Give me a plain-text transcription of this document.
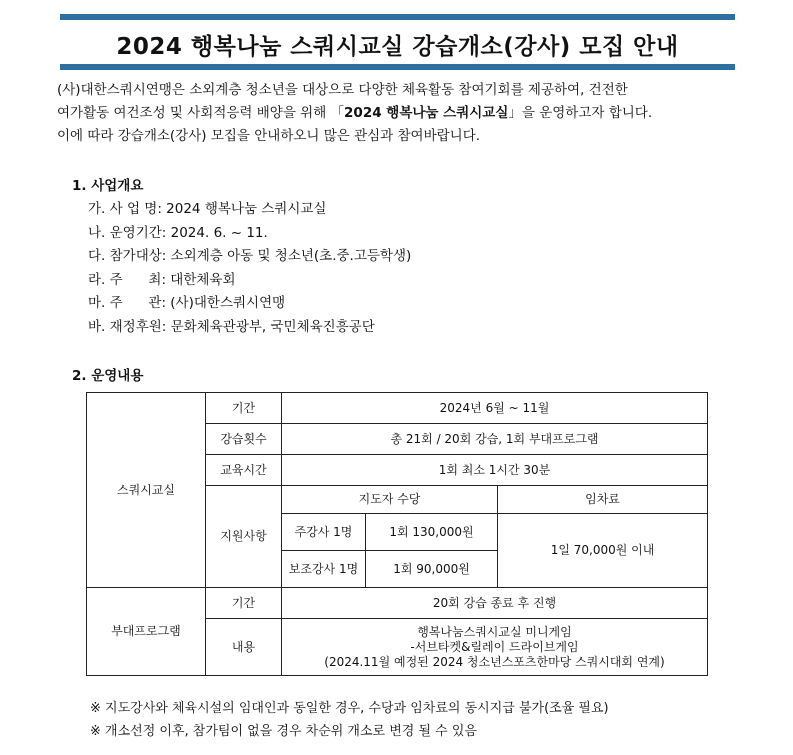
2024 행복나눔 스쿼시교실 강습개소(강사) 모집 안내

(사)대한스쿼시연맹은 소외계층 청소년을 대상으로 다양한 체육활동 참여기회를 제공하여, 건전한

여가활동 여건조성 및 사회적응력 배양을 위해 「2024 행복나눔 스쿼시교실」을 운영하고자 합니다.

이에 따라 강습개소(강사) 모집을 안내하오니 많은 관심과 참여바랍니다.

1. 사업개요
가. 사 업 명: 2024 행복나눔 스쿼시교실
나. 운영기간: 2024. 6. ~ 11.
다. 참가대상: 소외계층 아동 및 청소년(초.중.고등학생)
라. 주      최: 대한체육회
마. 주      관: (사)대한스쿼시연맹
바. 재정후원: 문화체육관광부, 국민체육진흥공단
2. 운영내용
스쿼시교실	기간	2024년 6월 ~ 11월		
	강습횟수	총 21회 / 20회 강습, 1회 부대프로그램		
	교육시간	1회 최소 1시간 30분		
	지원사항	지도자 수당		임차료
		주강사 1명	1회 130,000원	1일 70,000원 이내
		보조강사 1명	1회 90,000원	
부대프로그램	기간	20회 강습 종료 후 진행		
	내용	행복나눔스쿼시교실 미니게임
-서브타켓&릴레이 드라이브게임
(2024.11월 예정된 2024 청소년스포츠한마당 스쿼시대회 연계)		
※ 지도강사와 체육시설의 임대인과 동일한 경우, 수당과 임차료의 동시지급 불가(조율 필요)
※ 개소선정 이후, 참가팀이 없을 경우 차순위 개소로 변경 될 수 있음
